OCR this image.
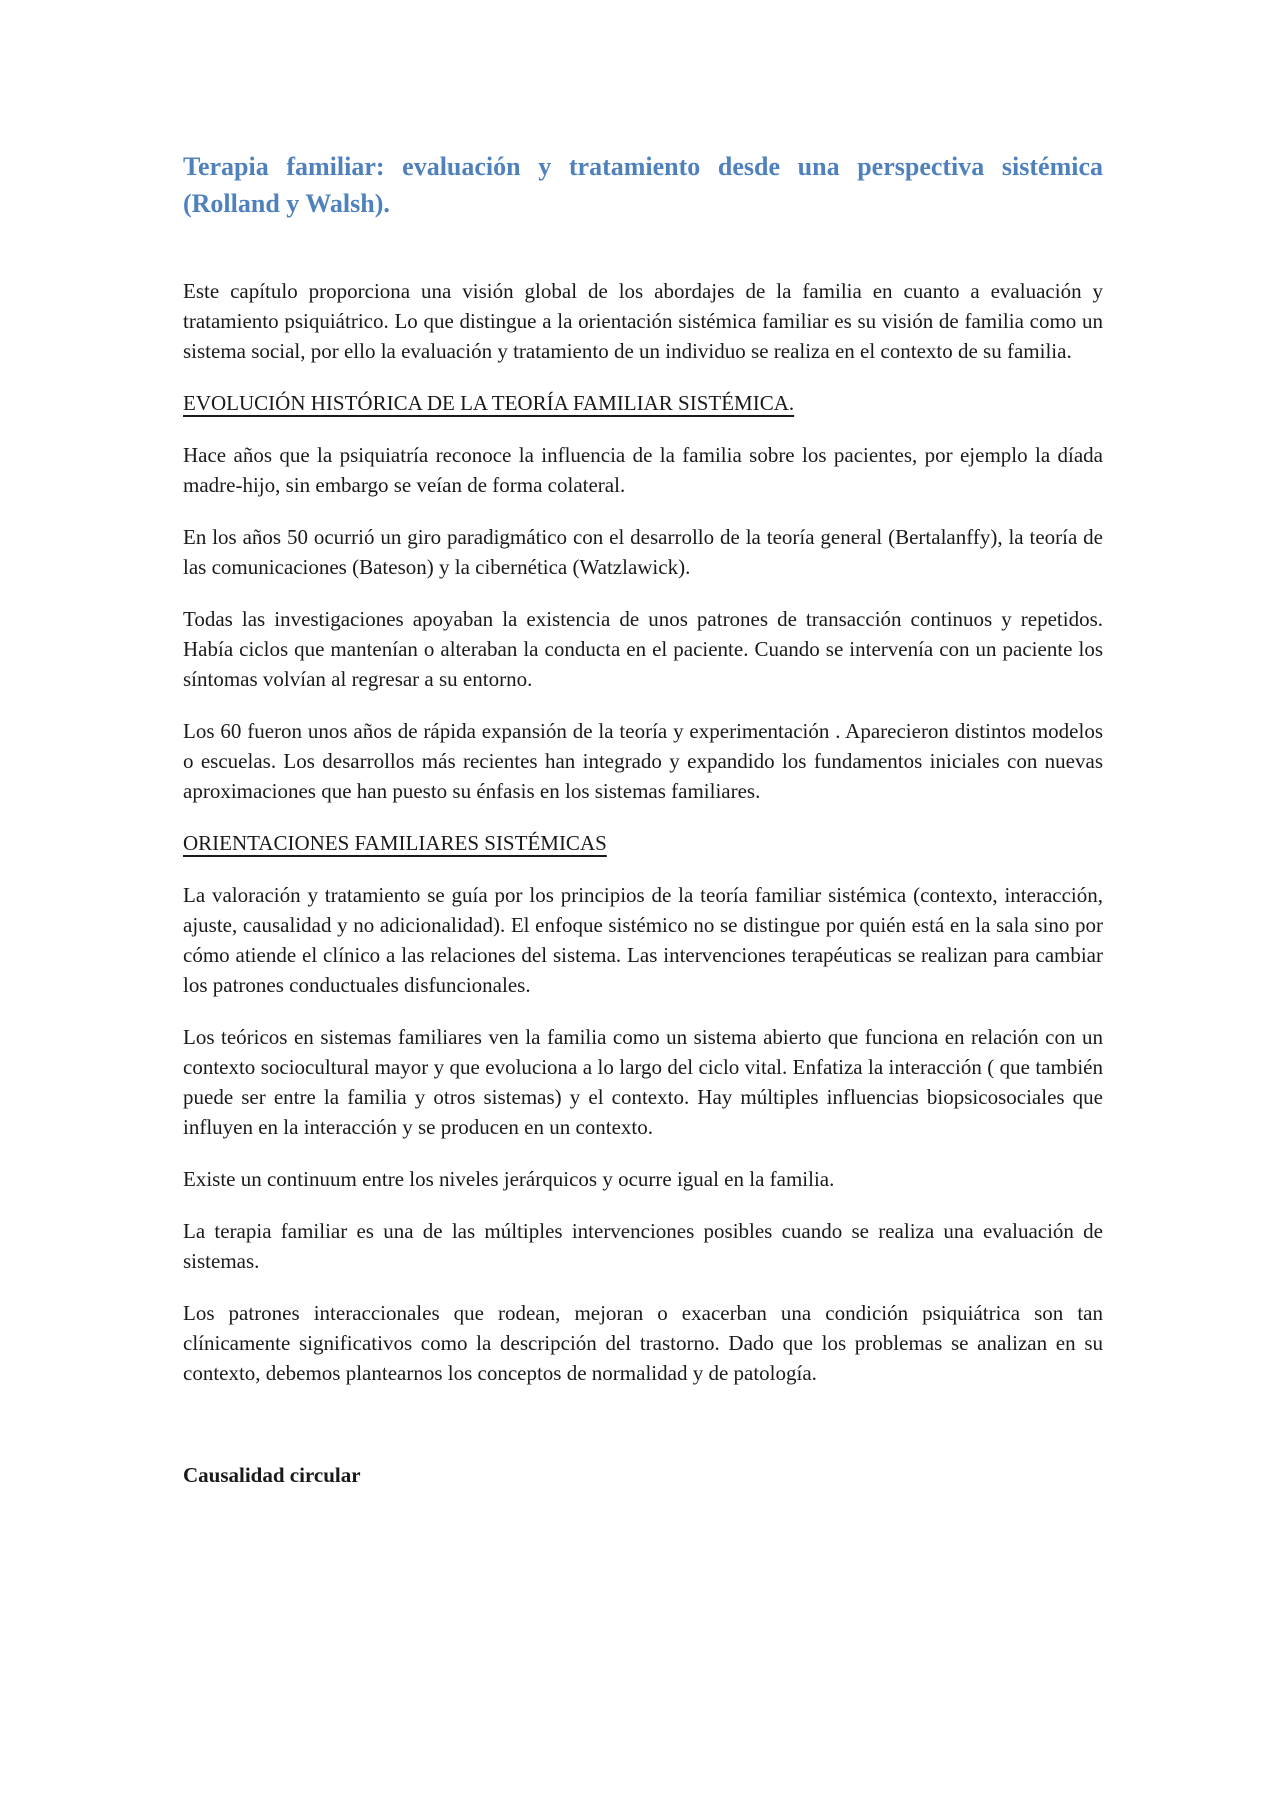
Terapia familiar: evaluación y tratamiento desde una perspectiva sistémica (Rolland y Walsh).

Este capítulo proporciona una visión global de los abordajes de la familia en cuanto a evaluación y tratamiento psiquiátrico. Lo que distingue a la orientación sistémica familiar es su visión de familia como un sistema social, por ello la evaluación y tratamiento de un individuo se realiza en el contexto de su familia.

EVOLUCIÓN HISTÓRICA DE LA TEORÍA FAMILIAR SISTÉMICA.

Hace años que la psiquiatría reconoce la influencia de la familia sobre los pacientes, por ejemplo la díada madre-hijo, sin embargo se veían de forma colateral.

En los años 50 ocurrió un giro paradigmático con el desarrollo de la teoría general (Bertalanffy), la teoría de las comunicaciones (Bateson) y la cibernética (Watzlawick).

Todas las investigaciones apoyaban la existencia de unos patrones de transacción continuos y repetidos. Había ciclos que mantenían o alteraban la conducta en el paciente. Cuando se intervenía con un paciente los síntomas volvían al regresar a su entorno.

Los 60 fueron unos años de rápida expansión de la teoría y experimentación . Aparecieron distintos modelos o escuelas. Los desarrollos más recientes han integrado y expandido los fundamentos iniciales con nuevas aproximaciones que han puesto su énfasis en los sistemas familiares.

ORIENTACIONES FAMILIARES SISTÉMICAS

La valoración y tratamiento se guía por los principios de la teoría familiar sistémica (contexto, interacción, ajuste, causalidad y no adicionalidad). El enfoque sistémico no se distingue por quién está en la sala sino por cómo atiende el clínico a las relaciones del sistema. Las intervenciones terapéuticas se realizan para cambiar los patrones conductuales disfuncionales.

Los teóricos en sistemas familiares ven la familia como un sistema abierto que funciona en relación con un contexto sociocultural mayor y que evoluciona a lo largo del ciclo vital. Enfatiza la interacción ( que también puede ser entre la familia y otros sistemas) y el contexto. Hay múltiples influencias biopsicosociales que influyen en la interacción y se producen en un contexto.

Existe un continuum entre los niveles jerárquicos y ocurre igual en la familia.

La terapia familiar es una de las múltiples intervenciones posibles cuando se realiza una evaluación de sistemas.

Los patrones interaccionales que rodean, mejoran o exacerban una condición psiquiátrica son tan clínicamente significativos como la descripción del trastorno. Dado que los problemas se analizan en su contexto, debemos plantearnos los conceptos de normalidad y de patología.

Causalidad circular
